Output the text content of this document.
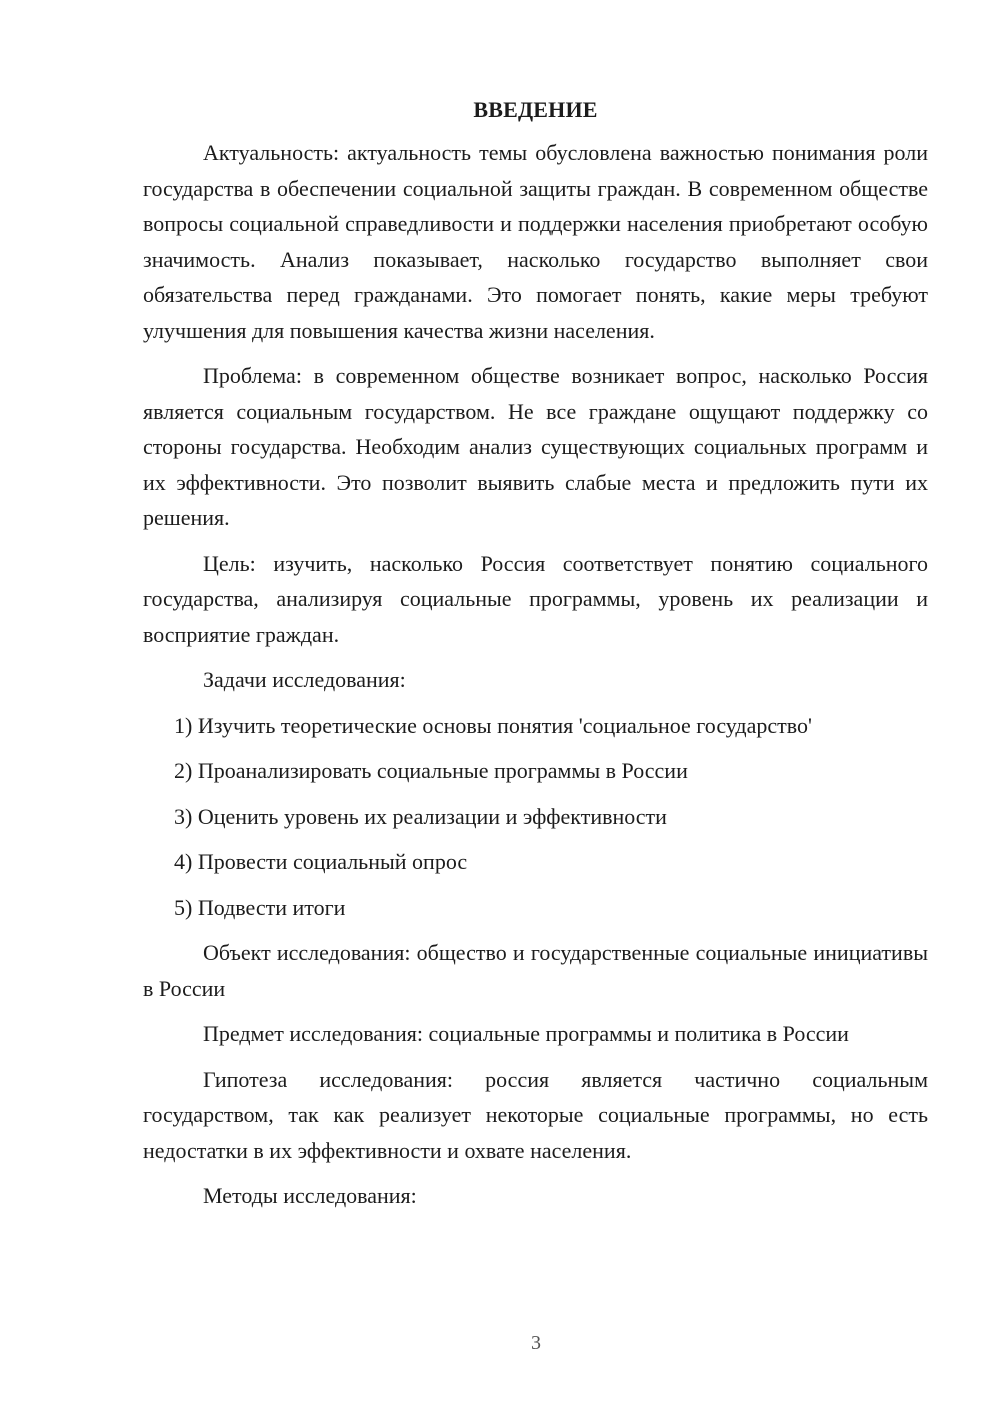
ВВЕДЕНИЕ

Актуальность: актуальность темы обусловлена важностью понимания роли государства в обеспечении социальной защиты граждан. В современном обществе вопросы социальной справедливости и поддержки населения приобретают особую значимость. Анализ показывает, насколько государство выполняет свои обязательства перед гражданами. Это помогает понять, какие меры требуют улучшения для повышения качества жизни населения.

Проблема: в современном обществе возникает вопрос, насколько Россия является социальным государством. Не все граждане ощущают поддержку со стороны государства. Необходим анализ существующих социальных программ и их эффективности. Это позволит выявить слабые места и предложить пути их решения.

Цель: изучить, насколько Россия соответствует понятию социального государства, анализируя социальные программы, уровень их реализации и восприятие граждан.

Задачи исследования:

1) Изучить теоретические основы понятия 'социальное государство'
2) Проанализировать социальные программы в России
3) Оценить уровень их реализации и эффективности
4) Провести социальный опрос
5) Подвести итоги

Объект исследования: общество и государственные социальные инициативы в России

Предмет исследования: социальные программы и политика в России

Гипотеза исследования: россия является частично социальным государством, так как реализует некоторые социальные программы, но есть недостатки в их эффективности и охвате населения.

Методы исследования:

3
